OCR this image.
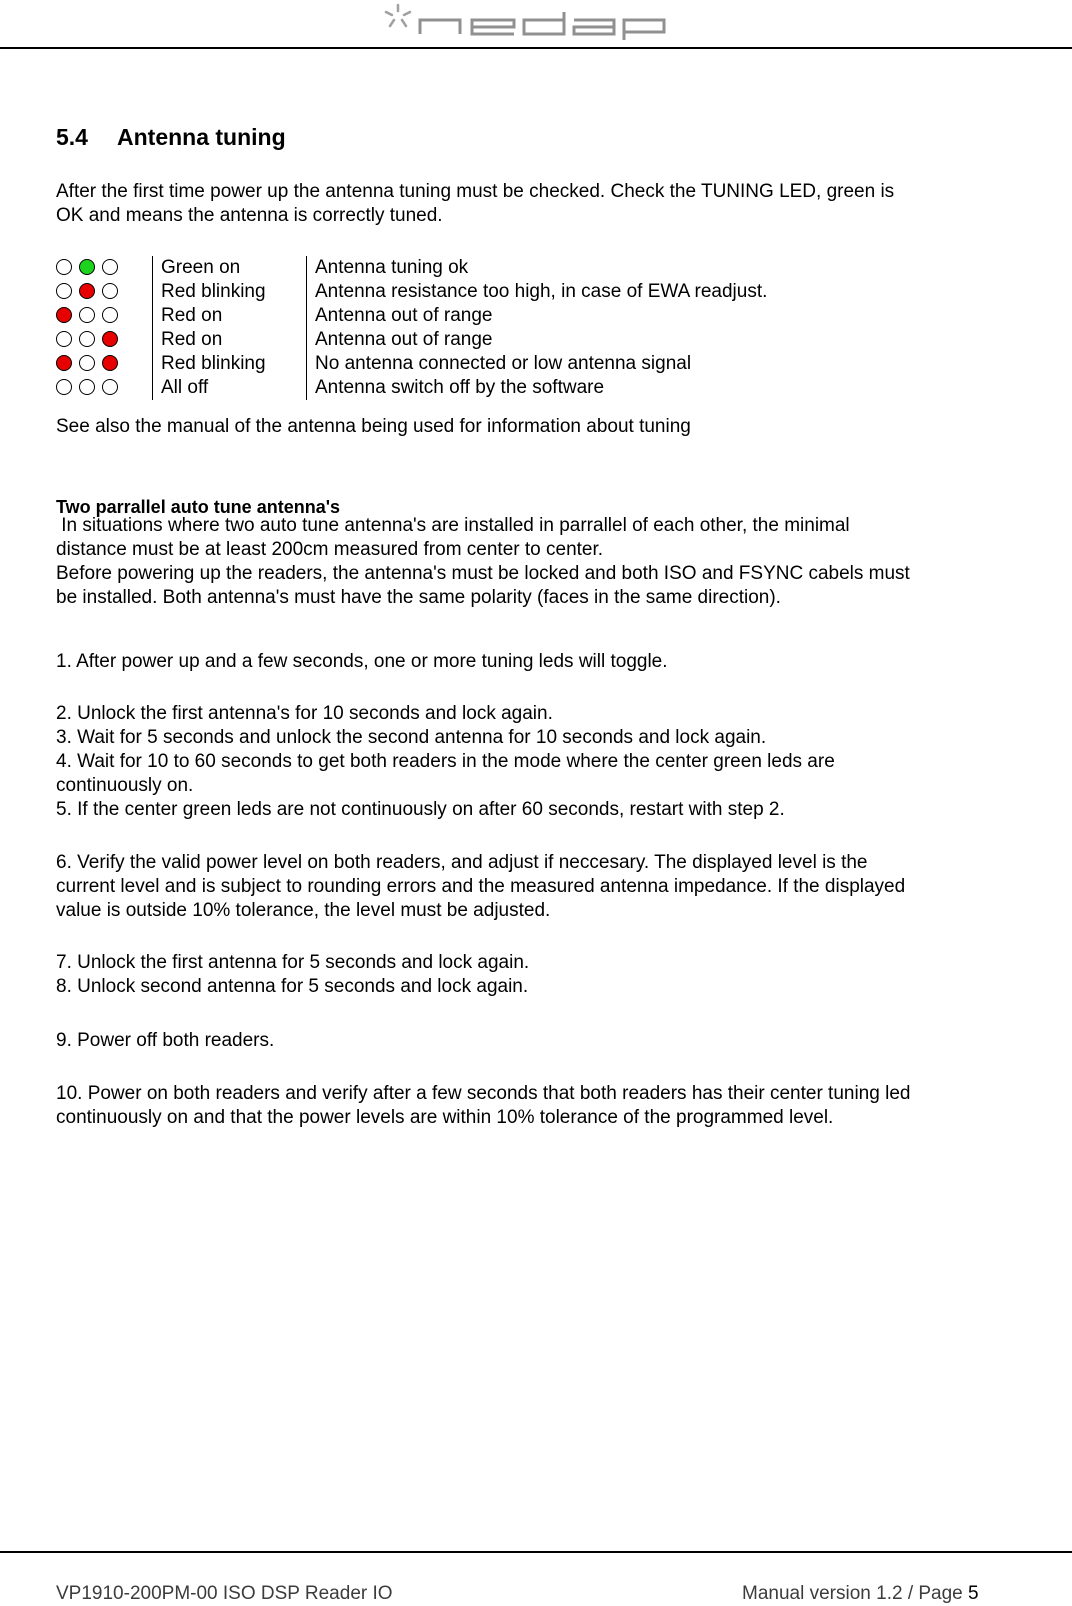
5.4 Antenna tuning

After the first time power up the antenna tuning must be checked. Check the TUNING LED, green is

OK and means the antenna is correctly tuned.

	Green on	Antenna tuning ok
	Red blinking	Antenna resistance too high, in case of EWA readjust.
	Red on	Antenna out of range
	Red on	Antenna out of range
	Red blinking	No antenna connected or low antenna signal
	All off	Antenna switch off by the software

See also the manual of the antenna being used for information about tuning

Two parrallel auto tune antenna's

In situations where two auto tune antenna's are installed in parrallel of each other, the minimal

distance must be at least 200cm measured from center to center.

Before powering up the readers, the antenna's must be locked and both ISO and FSYNC cabels must

be installed. Both antenna's must have the same polarity (faces in the same direction).

1. After power up and a few seconds, one or more tuning leds will toggle.

2. Unlock the first antenna's for 10 seconds and lock again.

3. Wait for 5 seconds and unlock the second antenna for 10 seconds and lock again.

4. Wait for 10 to 60 seconds to get both readers in the mode where the center green leds are

continuously on.

5. If the center green leds are not continuously on after 60 seconds, restart with step 2.

6. Verify the valid power level on both readers, and adjust if neccesary. The displayed level is the

current level and is subject to rounding errors and the measured antenna impedance. If the displayed

value is outside 10% tolerance, the level must be adjusted.

7. Unlock the first antenna for 5 seconds and lock again.

8. Unlock second antenna for 5 seconds and lock again.

9. Power off both readers.

10. Power on both readers and verify after a few seconds that both readers has their center tuning led

continuously on and that the power levels are within 10% tolerance of the programmed level.

VP1910-200PM-00 ISO DSP Reader IO	Manual version 1.2 / Page 5
